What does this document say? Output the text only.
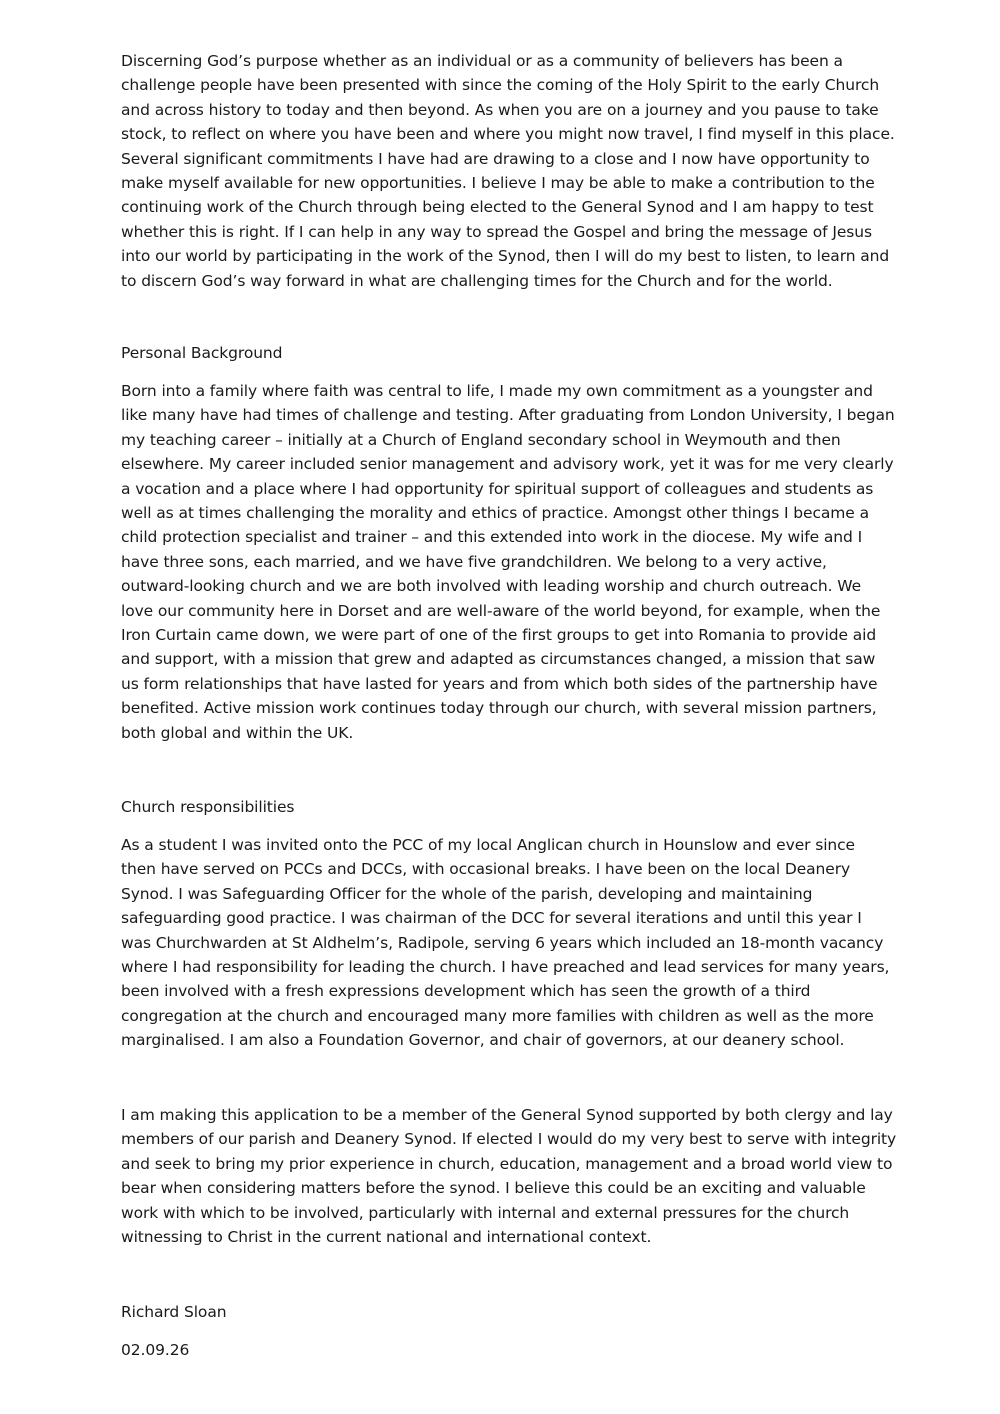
Discerning God’s purpose whether as an individual or as a community of believers has been a
challenge people have been presented with since the coming of the Holy Spirit to the early Church
and across history to today and then beyond. As when you are on a journey and you pause to take
stock, to reflect on where you have been and where you might now travel, I find myself in this place.
Several significant commitments I have had are drawing to a close and I now have opportunity to
make myself available for new opportunities. I believe I may be able to make a contribution to the
continuing work of the Church through being elected to the General Synod and I am happy to test
whether this is right. If I can help in any way to spread the Gospel and bring the message of Jesus
into our world by participating in the work of the Synod, then I will do my best to listen, to learn and
to discern God’s way forward in what are challenging times for the Church and for the world.
Personal Background
Born into a family where faith was central to life, I made my own commitment as a youngster and
like many have had times of challenge and testing. After graduating from London University, I began
my teaching career – initially at a Church of England secondary school in Weymouth and then
elsewhere. My career included senior management and advisory work, yet it was for me very clearly
a vocation and a place where I had opportunity for spiritual support of colleagues and students as
well as at times challenging the morality and ethics of practice. Amongst other things I became a
child protection specialist and trainer – and this extended into work in the diocese. My wife and I
have three sons, each married, and we have five grandchildren. We belong to a very active,
outward-looking church and we are both involved with leading worship and church outreach. We
love our community here in Dorset and are well-aware of the world beyond, for example, when the
Iron Curtain came down, we were part of one of the first groups to get into Romania to provide aid
and support, with a mission that grew and adapted as circumstances changed, a mission that saw
us form relationships that have lasted for years and from which both sides of the partnership have
benefited. Active mission work continues today through our church, with several mission partners,
both global and within the UK.
Church responsibilities
As a student I was invited onto the PCC of my local Anglican church in Hounslow and ever since
then have served on PCCs and DCCs, with occasional breaks. I have been on the local Deanery
Synod. I was Safeguarding Officer for the whole of the parish, developing and maintaining
safeguarding good practice. I was chairman of the DCC for several iterations and until this year I
was Churchwarden at St Aldhelm’s, Radipole, serving 6 years which included an 18-month vacancy
where I had responsibility for leading the church. I have preached and lead services for many years,
been involved with a fresh expressions development which has seen the growth of a third
congregation at the church and encouraged many more families with children as well as the more
marginalised. I am also a Foundation Governor, and chair of governors, at our deanery school.
I am making this application to be a member of the General Synod supported by both clergy and lay
members of our parish and Deanery Synod. If elected I would do my very best to serve with integrity
and seek to bring my prior experience in church, education, management and a broad world view to
bear when considering matters before the synod. I believe this could be an exciting and valuable
work with which to be involved, particularly with internal and external pressures for the church
witnessing to Christ in the current national and international context.
Richard Sloan
02.09.26
